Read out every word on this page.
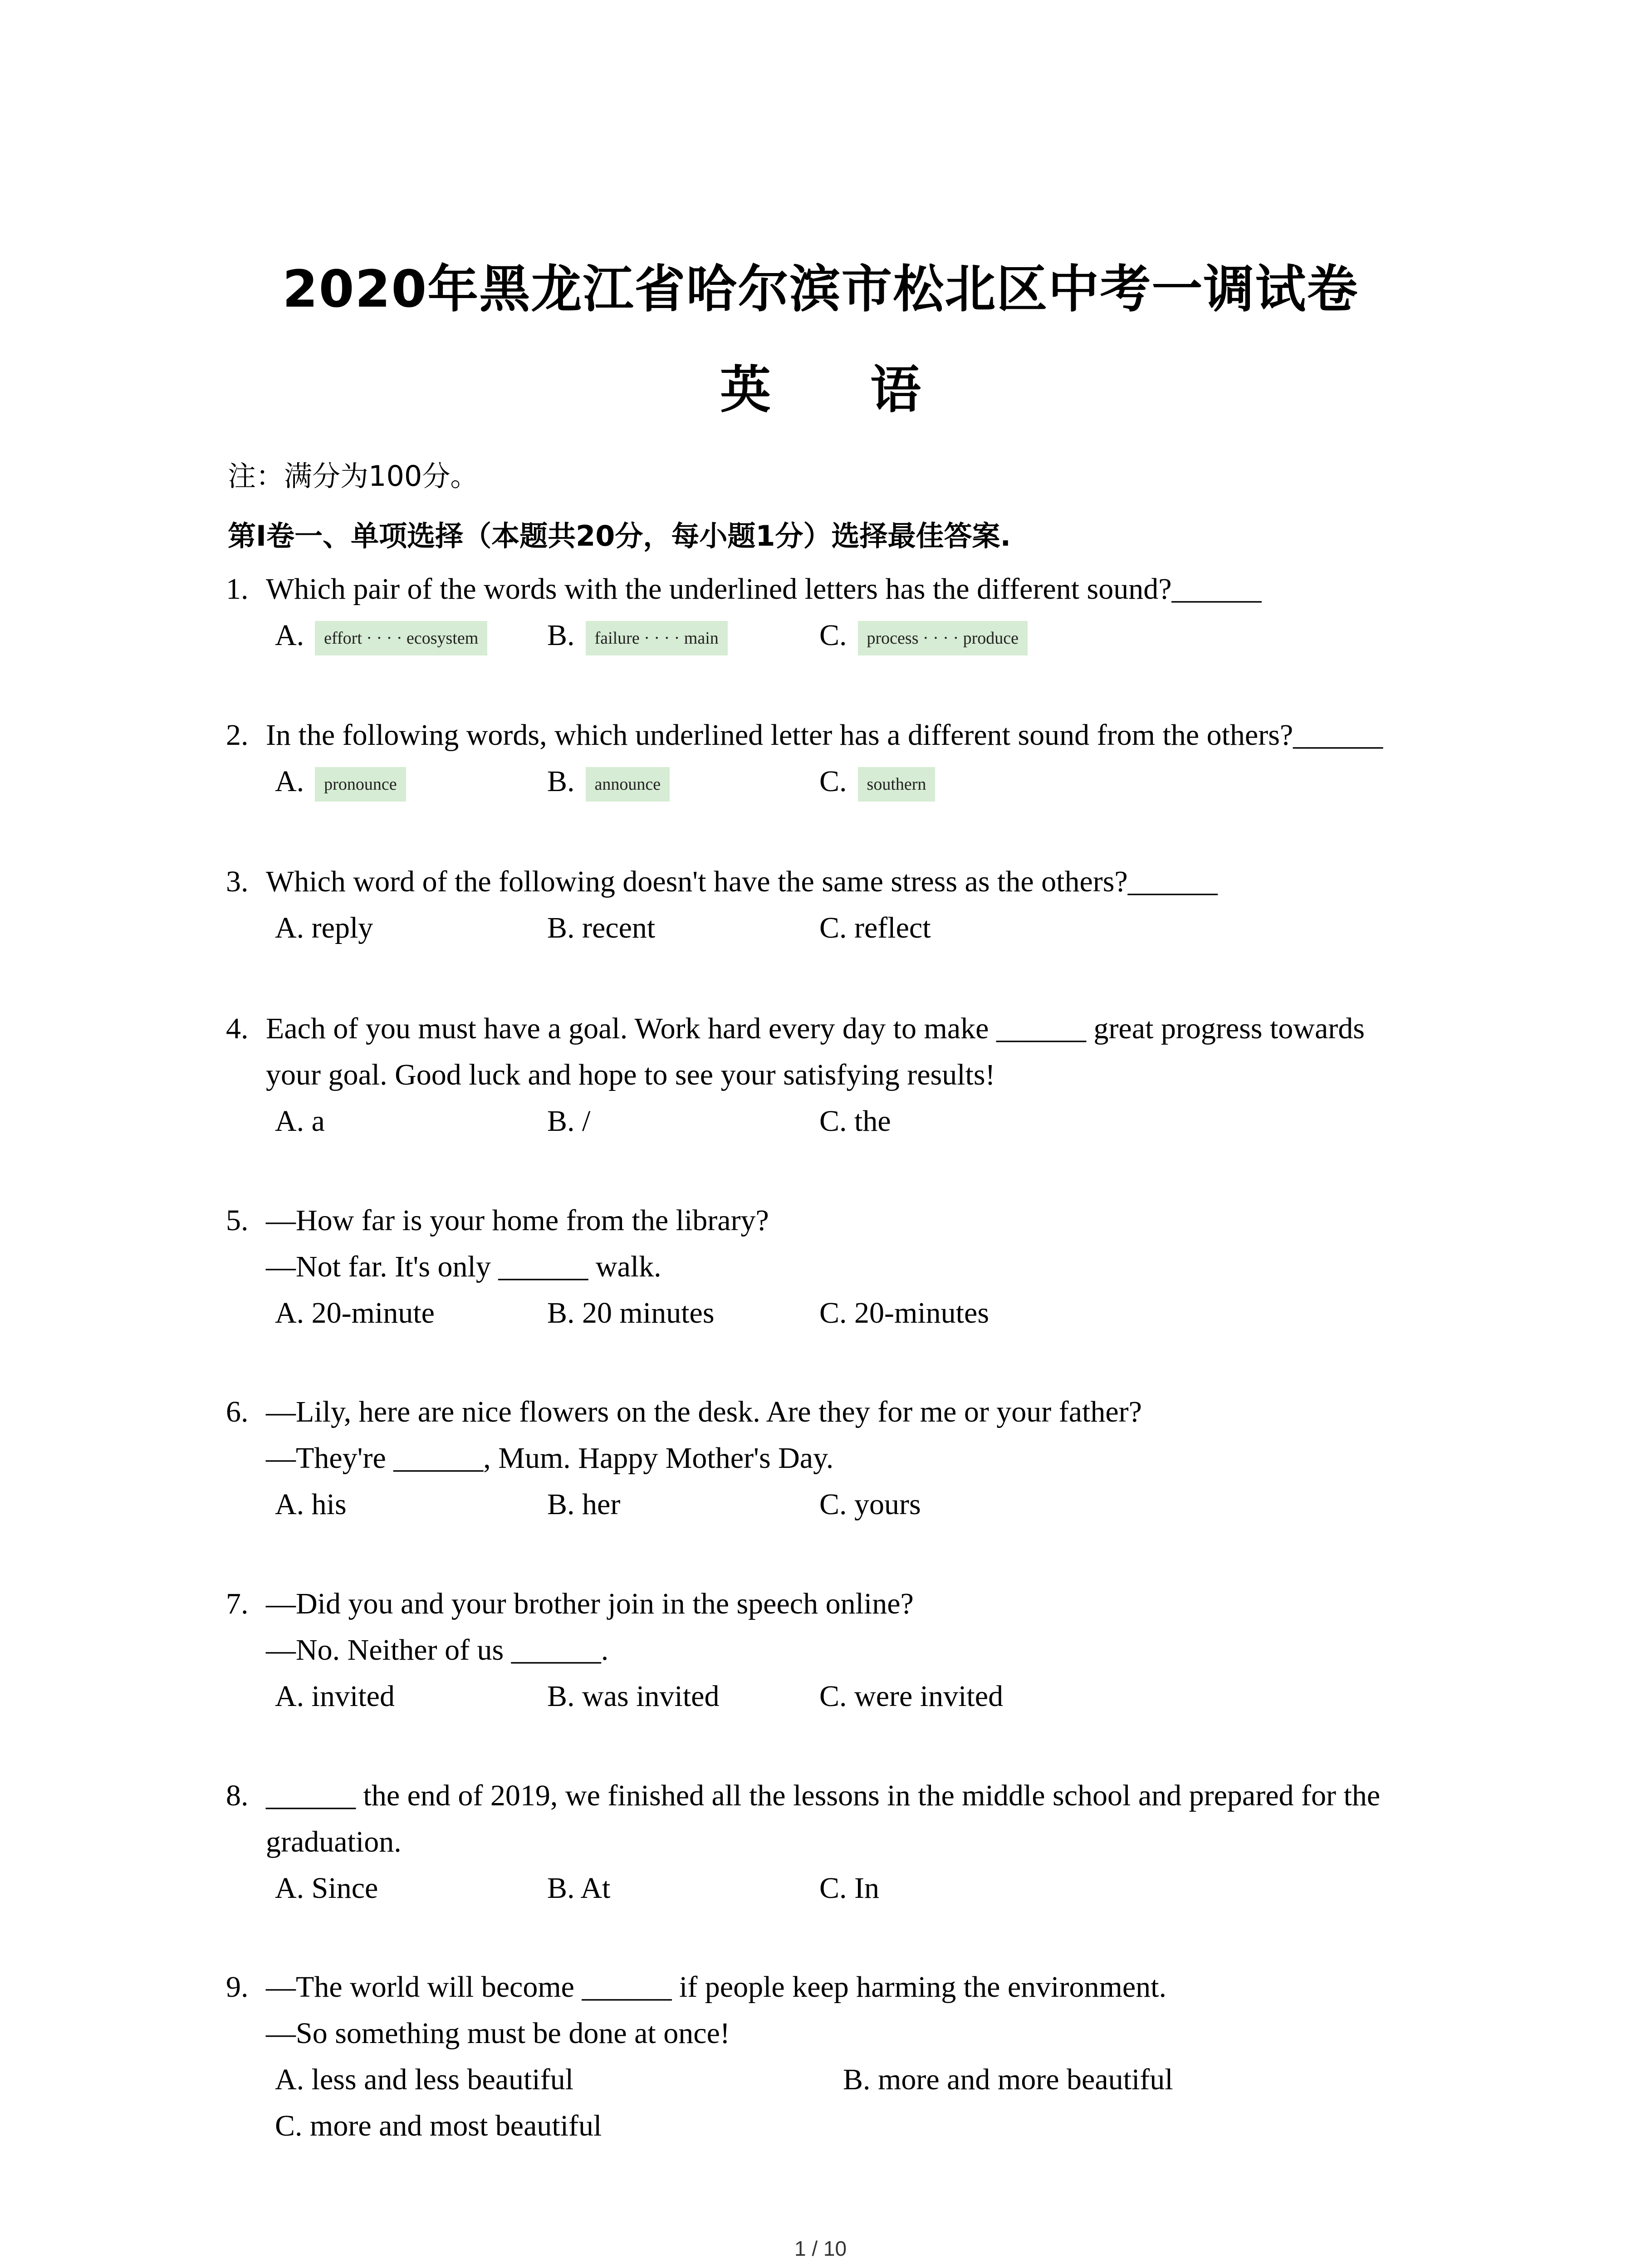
2020年黑龙江省哈尔滨市松北区中考一调试卷
英 语
注：满分为100分。
第Ⅰ卷一、单项选择（本题共20分，每小题1分）选择最佳答案.
1. Which pair of the words with the underlined letters has the different sound?______
A. effort · · · · ecosystem	B. failure · · · · main	C. process · · · · produce
2. In the following words, which underlined letter has a different sound from the others?______
A. pronounce	B. announce	C. southern
3. Which word of the following doesn't have the same stress as the others?______
A. reply	B. recent	C. reflect
4. Each of you must have a goal. Work hard every day to make ______ great progress towards
your goal. Good luck and hope to see your satisfying results!
A. a	B. /	C. the
5. —How far is your home from the library?
—Not far. It's only ______ walk.
A. 20-minute	B. 20 minutes	C. 20-minutes
6. —Lily, here are nice flowers on the desk. Are they for me or your father?
—They're ______, Mum. Happy Mother's Day.
A. his	B. her	C. yours
7. —Did you and your brother join in the speech online?
—No. Neither of us ______.
A. invited	B. was invited	C. were invited
8. ______ the end of 2019, we finished all the lessons in the middle school and prepared for the
graduation.
A. Since	B. At	C. In
9. —The world will become ______ if people keep harming the environment.
—So something must be done at once!
A. less and less beautiful	B. more and more beautiful
C. more and most beautiful
1 / 10
